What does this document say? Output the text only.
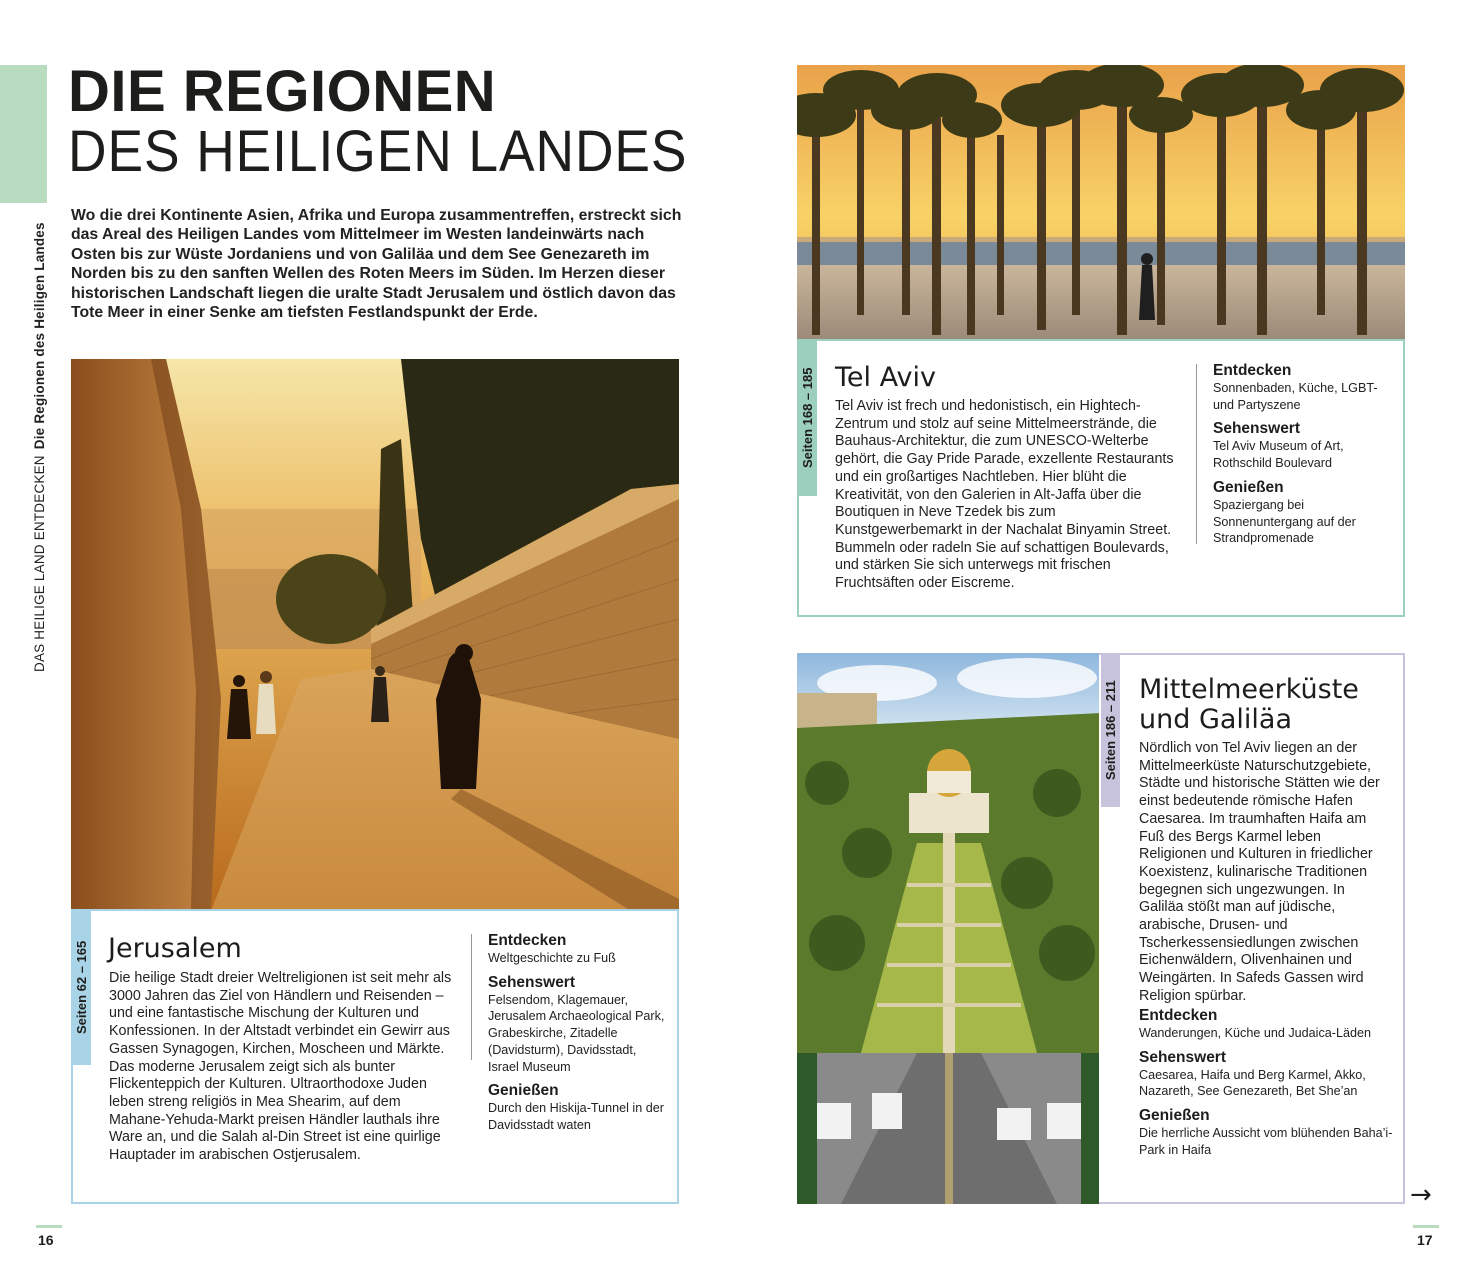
DAS HEILIGE LAND ENTDECKENDie Regionen des Heiligen Landes
DIE REGIONEN
DES HEILIGEN LANDES

Wo die drei Kontinente Asien, Afrika und Europa zusammentreffen, erstreckt sich das Areal des Heiligen Landes vom Mittelmeer im Westen landeinwärts nach Osten bis zur Wüste Jordaniens und von Galiläa und dem See Genezareth im Norden bis zu den sanften Wellen des Roten Meers im Süden. Im Herzen dieser historischen Landschaft liegen die uralte Stadt Jerusalem und östlich davon das Tote Meer in einer Senke am tiefsten Festlandspunkt der Erde.

Seiten 62 – 165 Jerusalem

Die heilige Stadt dreier Weltreligionen ist seit mehr als 3000 Jahren das Ziel von Händlern und Reisenden – und eine fantastische Mischung der Kulturen und Konfessionen. In der Altstadt verbindet ein Gewirr aus Gassen Synagogen, Kirchen, Moscheen und Märkte. Das moderne Jerusalem zeigt sich als bunter Flickenteppich der Kulturen. Ultraorthodoxe Juden leben streng religiös in Mea Shearim, auf dem Mahane-Yehuda-Markt preisen Händler lauthals ihre Ware an, und die Salah al-Din Street ist eine quirlige Hauptader im arabischen Ostjerusalem.

Entdecken
Weltgeschichte zu Fuß
Sehenswert
Felsendom, Klagemauer, Jerusalem Archaeological Park, Grabeskirche, Zitadelle (Davidsturm), Davidsstadt, Israel Museum
Genießen
Durch den Hiskija-Tunnel in der Davidsstadt waten
Seiten 168 – 185 Tel Aviv

Tel Aviv ist frech und hedonistisch, ein Hightech-Zentrum und stolz auf seine Mittelmeerstrände, die Bauhaus-Architektur, die zum UNESCO-Welterbe gehört, die Gay Pride Parade, exzellente Restaurants und ein großartiges Nachtleben. Hier blüht die Kreativität, von den Galerien in Alt-Jaffa über die Boutiquen in Neve Tzedek bis zum Kunstgewerbemarkt in der Nachalat Binyamin Street. Bummeln oder radeln Sie auf schattigen Boulevards, und stärken Sie sich unterwegs mit frischen Fruchtsäften oder Eiscreme.

Entdecken
Sonnenbaden, Küche, LGBT- und Partyszene
Sehenswert
Tel Aviv Museum of Art, Rothschild Boulevard
Genießen
Spaziergang bei Sonnenuntergang auf der Strandpromenade
Seiten 186 – 211 Mittelmeerküste
und Galiläa

Nördlich von Tel Aviv liegen an der Mittelmeerküste Naturschutzgebiete, Städte und historische Stätten wie der einst bedeutende römische Hafen Caesarea. Im traumhaften Haifa am Fuß des Bergs Karmel leben Religionen und Kulturen in friedlicher Koexistenz, kulinarische Traditionen begegnen sich ungezwungen. In Galiläa stößt man auf jüdische, arabische, Drusen- und Tscherkessensiedlungen zwischen Eichenwäldern, Olivenhainen und Weingärten. In Safeds Gassen wird Religion spürbar.

Entdecken
Wanderungen, Küche und Judaica-Läden
Sehenswert
Caesarea, Haifa und Berg Karmel, Akko, Nazareth, See Genezareth, Bet She’an
Genießen
Die herrliche Aussicht vom blühenden Baha’i-Park in Haifa
→
16	17
